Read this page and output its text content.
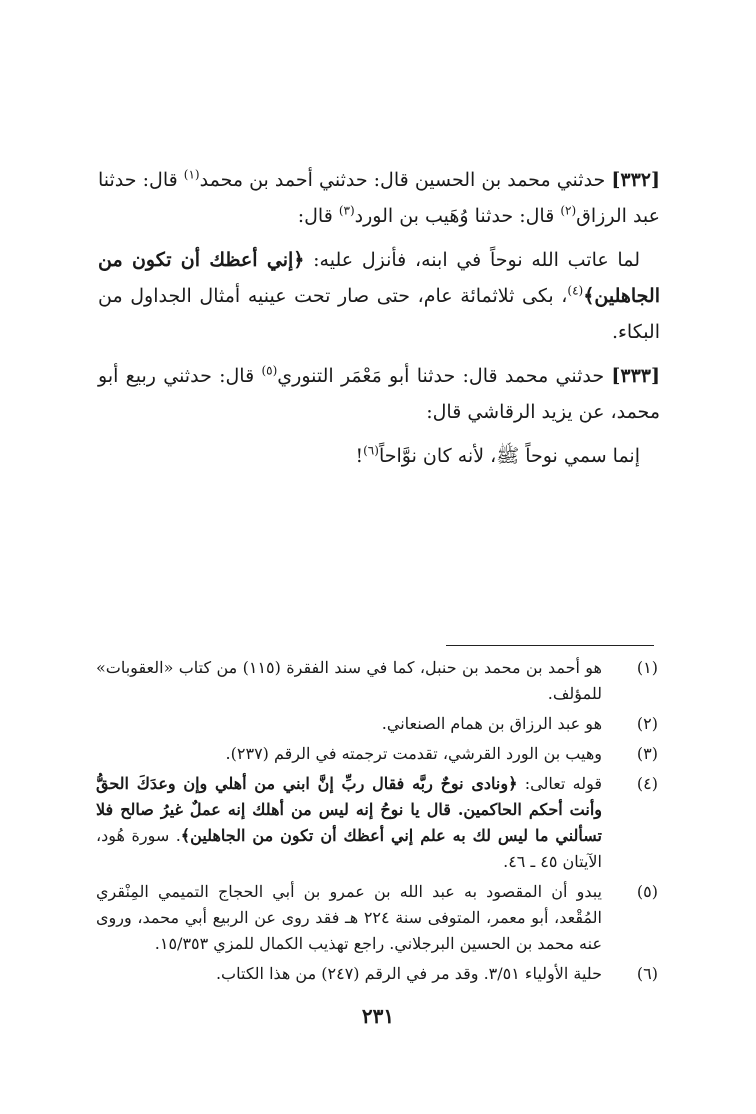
[٣٣٢] حدثني محمد بن الحسين قال: حدثني أحمد بن محمد$^{(١)}$ قال: حدثنا عبد الرزاق$^{(٢)}$ قال: حدثنا وُهَيب بن الورد$^{(٣)}$ قال:

لما عاتب الله نوحاً في ابنه، فأنزل عليه: ﴿إني أعظك أن تكون من الجاهلين﴾$^{(٤)}$، بكى ثلاثمائة عام، حتى صار تحت عينيه أمثال الجداول من البكاء.

[٣٣٣] حدثني محمد قال: حدثنا أبو مَعْمَر التنوري$^{(٥)}$ قال: حدثني ربيع أبو محمد، عن يزيد الرقاشي قال:

إنما سمي نوحاً ﷺ، لأنه كان نوَّاحاً$^{(٦)}$!

(١)
هو أحمد بن محمد بن حنبل، كما في سند الفقرة (١١٥) من كتاب «العقوبات» للمؤلف.
(٢)
هو عبد الرزاق بن همام الصنعاني.
(٣)
وهيب بن الورد القرشي، تقدمت ترجمته في الرقم (٢٣٧).
(٤)
قوله تعالى: ﴿ونادى نوحٌ ربَّه فقال ربِّ إنَّ ابني من أهلي وإن وعدَكَ الحقُّ وأنت أحكم الحاكمين. قال يا نوحُ إنه ليس من أهلك إنه عملٌ غيرُ صالح فلا تسألني ما ليس لك به علم إني أعظك أن تكون من الجاهلين﴾. سورة هُود، الآيتان ٤٥ ـ ٤٦.
(٥)
يبدو أن المقصود به عبد الله بن عمرو بن أبي الحجاج التميمي المِنْقري المُقْعد، أبو معمر، المتوفى سنة ٢٢٤ هـ فقد روى عن الربيع أبي محمد، وروى عنه محمد بن الحسين البرجلاني. راجع تهذيب الكمال للمزي ١٥/٣٥٣.
(٦)
حلية الأولياء ٣/٥١. وقد مر في الرقم (٢٤٧) من هذا الكتاب.
٢٣١
